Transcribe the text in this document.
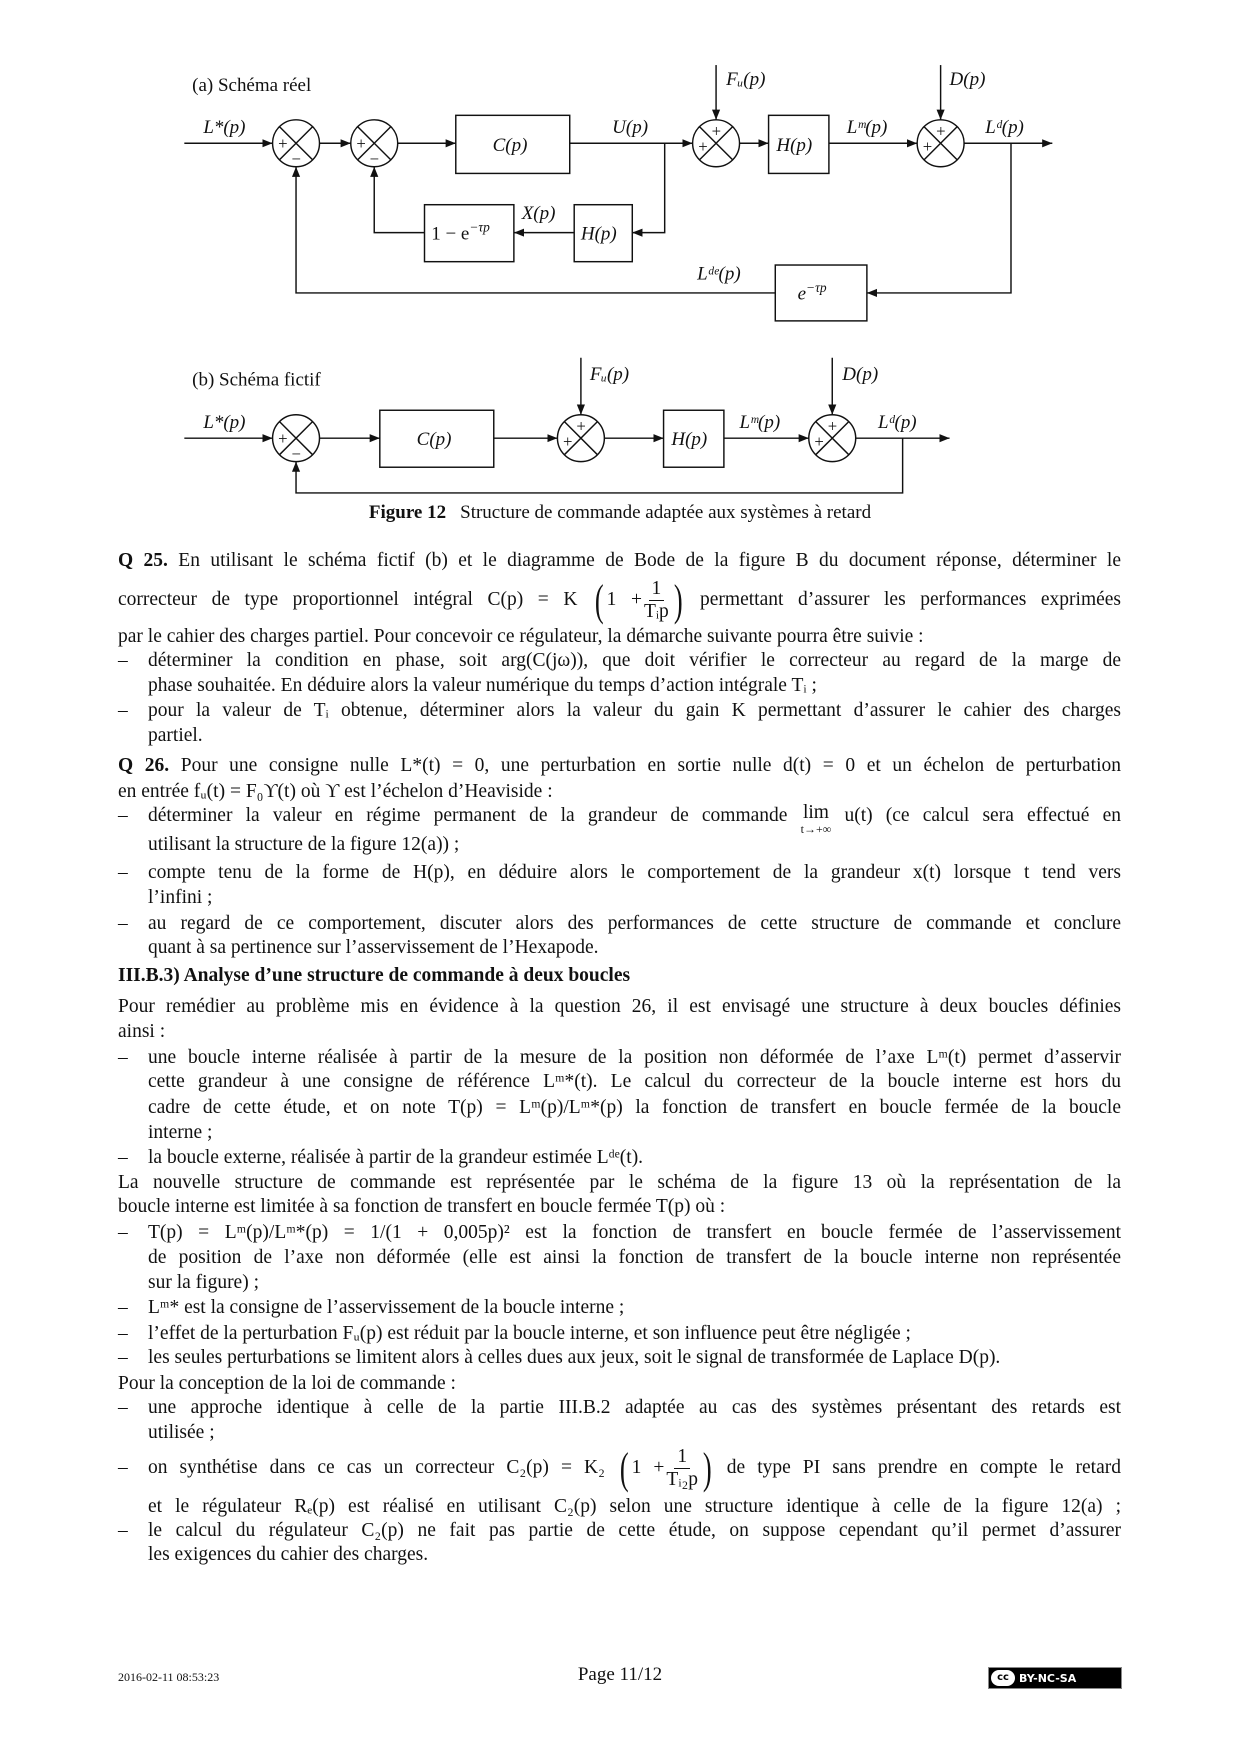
+
−
+
−
+
+
+
+
+
−
+
+
+
+
(a) Schéma réel
L*(p)	U(p)
Fᵤ(p)	D(p)
Lᵐ(p)	Lᵈ(p)
X(p)
Lᵈᵉ(p)
C(p)	H(p)
H(p)
$1 - e^{-\tau p}$
$e^{-\tau p}$
(b) Schéma fictif
L*(p)
Fᵤ(p)	D(p)
Lᵐ(p)	Lᵈ(p)
C(p)	H(p)
Figure 12 Structure de commande adaptée aux systèmes à retard
Q 25. En utilisant le schéma fictif (b) et le diagramme de Bode de la figure B du document réponse, déterminer le
correcteur de type proportionnel intégral C(p) = K ( $1 + \frac{1}{\text{Tᵢp}}$ ) permettant d’assurer les performances exprimées
par le cahier des charges partiel. Pour concevoir ce régulateur, la démarche suivante pourra être suivie :
– déterminer la condition en phase, soit arg(C(jω)), que doit vérifier le correcteur au regard de la marge de
phase souhaitée. En déduire alors la valeur numérique du temps d’action intégrale Tᵢ ;
– pour la valeur de Tᵢ obtenue, déterminer alors la valeur du gain K permettant d’assurer le cahier des charges
partiel.
Q 26. Pour une consigne nulle L*(t) = 0, une perturbation en sortie nulle d(t) = 0 et un échelon de perturbation
en entrée fᵤ(t) = F₀ϒ(t) où ϒ est l’échelon d’Heaviside :
– déterminer la valeur en régime permanent de la grandeur de commande lim
t→+∞
u(t) (ce calcul sera effectué en
utilisant la structure de la figure 12(a)) ;
– compte tenu de la forme de H(p), en déduire alors le comportement de la grandeur x(t) lorsque t tend vers
l’infini ;
– au regard de ce comportement, discuter alors des performances de cette structure de commande et conclure
quant à sa pertinence sur l’asservissement de l’Hexapode.
III.B.3) Analyse d’une structure de commande à deux boucles
Pour remédier au problème mis en évidence à la question 26, il est envisagé une structure à deux boucles définies
ainsi :
– une boucle interne réalisée à partir de la mesure de la position non déformée de l’axe Lᵐ(t) permet d’asservir
cette grandeur à une consigne de référence Lᵐ*(t). Le calcul du correcteur de la boucle interne est hors du
cadre de cette étude, et on note T(p) = Lᵐ(p)/Lᵐ*(p) la fonction de transfert en boucle fermée de la boucle
interne ;
– la boucle externe, réalisée à partir de la grandeur estimée Lᵈᵉ(t).
La nouvelle structure de commande est représentée par le schéma de la figure 13 où la représentation de la
boucle interne est limitée à sa fonction de transfert en boucle fermée T(p) où :
– T(p) = Lᵐ(p)/Lᵐ*(p) = 1/(1 + 0,005p)² est la fonction de transfert en boucle fermée de l’asservissement
de position de l’axe non déformée (elle est ainsi la fonction de transfert de la boucle interne non représentée
sur la figure) ;
– Lᵐ* est la consigne de l’asservissement de la boucle interne ;
– l’effet de la perturbation Fᵤ(p) est réduit par la boucle interne, et son influence peut être négligée ;
– les seules perturbations se limitent alors à celles dues aux jeux, soit le signal de transformée de Laplace D(p).
Pour la conception de la loi de commande :
– une approche identique à celle de la partie III.B.2 adaptée au cas des systèmes présentant des retards est
utilisée ;
– on synthétise dans ce cas un correcteur C₂(p) = K₂ ( $1 + \frac{1}{\text{Tᵢ₂p}}$ ) de type PI sans prendre en compte le retard
et le régulateur Rₑ(p) est réalisé en utilisant C₂(p) selon une structure identique à celle de la figure 12(a) ;
– le calcul du régulateur C₂(p) ne fait pas partie de cette étude, on suppose cependant qu’il permet d’assurer
les exigences du cahier des charges.
2016-02-11 08:53:23	Page 11/12	cc BY-NC-SA
